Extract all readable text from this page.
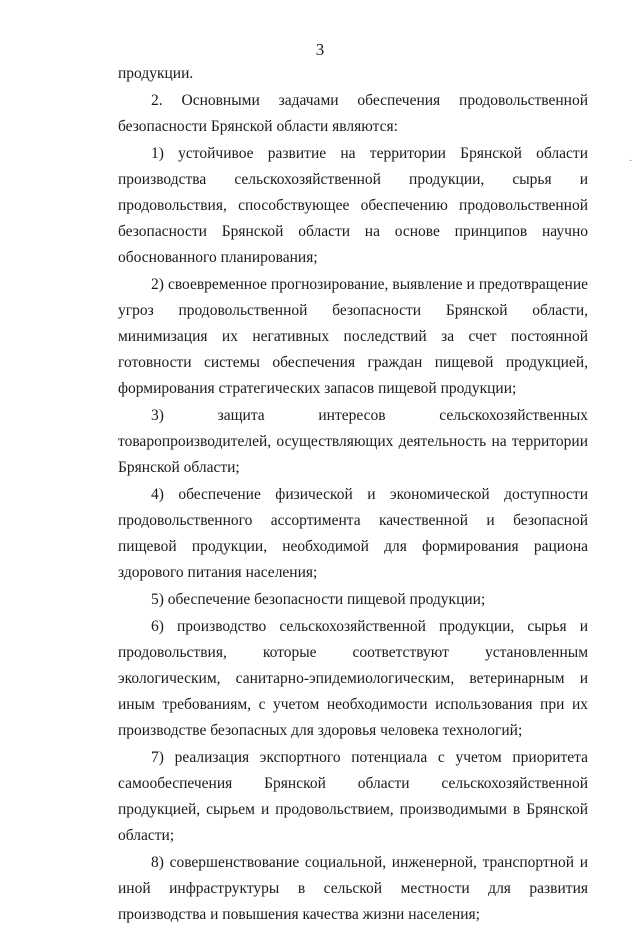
3
.

продукции.

2. Основными задачами обеспечения продовольственной безопасности Брянской области являются:

1) устойчивое развитие на территории Брянской области производства сельскохозяйственной продукции, сырья и продовольствия, способствующее обеспечению продовольственной безопасности Брянской области на основе принципов научно обоснованного планирования;

2) своевременное прогнозирование, выявление и предотвращение угроз продовольственной безопасности Брянской области, минимизация их негативных последствий за счет постоянной готовности системы обеспечения граждан пищевой продукцией, формирования стратегических запасов пищевой продукции;

3) защита интересов сельскохозяйственных товаропроизводителей, осуществляющих деятельность на территории Брянской области;

4) обеспечение физической и экономической доступности продовольственного ассортимента качественной и безопасной пищевой продукции, необходимой для формирования рациона здорового питания населения;

5) обеспечение безопасности пищевой продукции;

6) производство сельскохозяйственной продукции, сырья и продовольствия, которые соответствуют установленным экологическим, санитарно-эпидемиологическим, ветеринарным и иным требованиям, с учетом необходимости использования при их производстве безопасных для здоровья человека технологий;

7) реализация экспортного потенциала с учетом приоритета самообеспечения Брянской области сельскохозяйственной продукцией, сырьем и продовольствием, производимыми в Брянской области;

8) совершенствование социальной, инженерной, транспортной и иной инфраструктуры в сельской местности для развития производства и повышения качества жизни населения;
